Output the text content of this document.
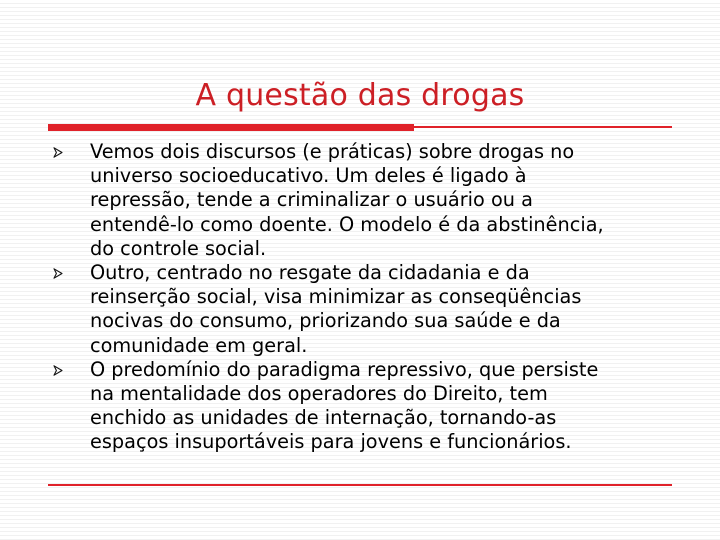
A questão das drogas
Vemos dois discursos (e práticas) sobre drogas no
universo socioeducativo. Um deles é ligado à
repressão, tende a criminalizar o usuário ou a
entendê-lo como doente. O modelo é da abstinência,
do controle social.
Outro, centrado no resgate da cidadania e da
reinserção social, visa minimizar as conseqüências
nocivas do consumo, priorizando sua saúde e da
comunidade em geral.
O predomínio do paradigma repressivo, que persiste
na mentalidade dos operadores do Direito, tem
enchido as unidades de internação, tornando-as
espaços insuportáveis para jovens e funcionários.
